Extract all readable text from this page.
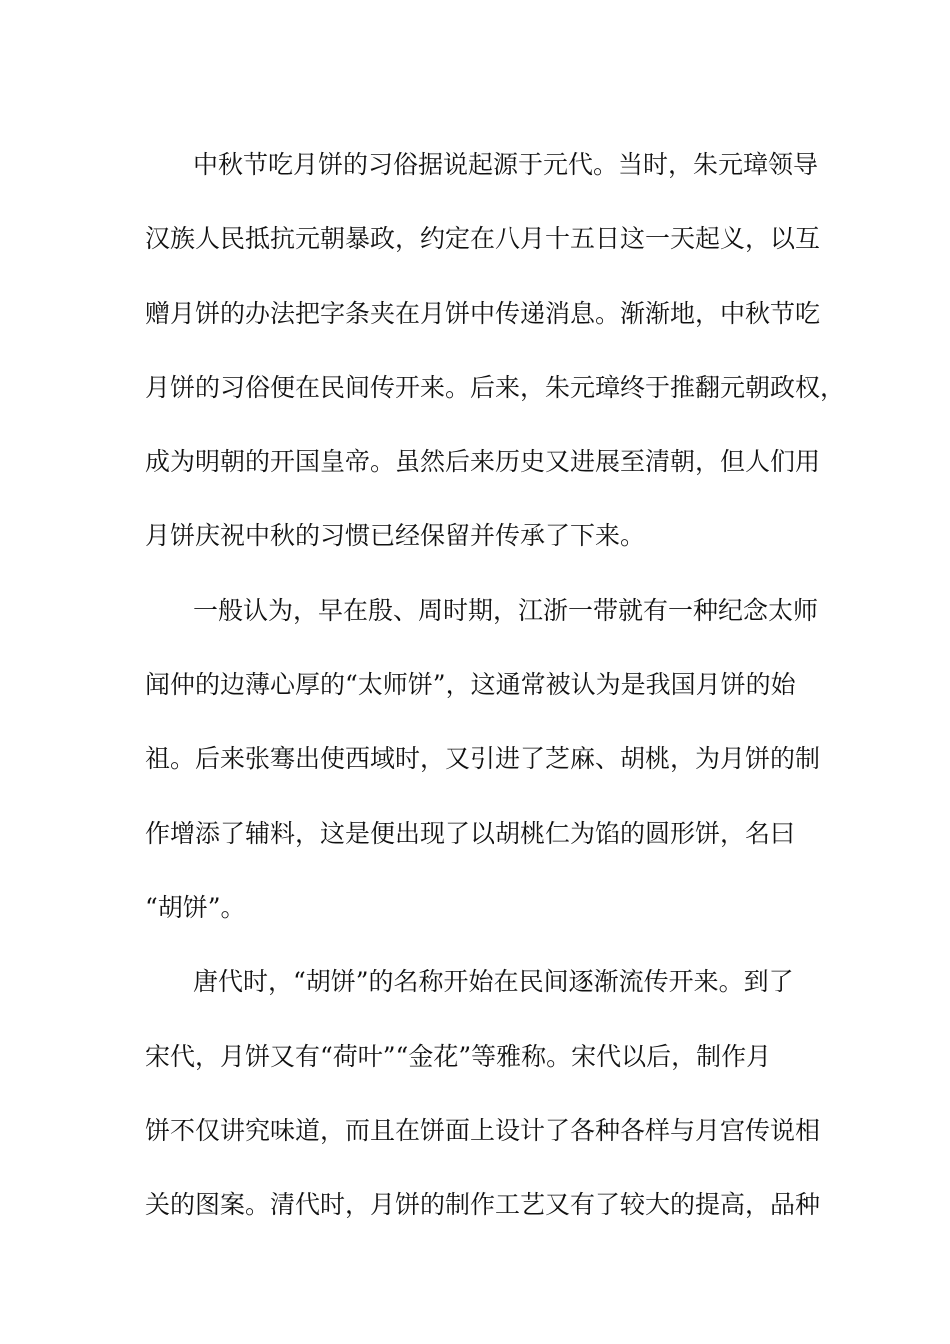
中秋节吃月饼的习俗据说起源于元代。当时，朱元璋领导
汉族人民抵抗元朝暴政，约定在八月十五日这一天起义，以互
赠月饼的办法把字条夹在月饼中传递消息。渐渐地，中秋节吃
月饼的习俗便在民间传开来。后来，朱元璋终于推翻元朝政权，
成为明朝的开国皇帝。虽然后来历史又进展至清朝，但人们用
月饼庆祝中秋的习惯已经保留并传承了下来。
一般认为，早在殷、周时期，江浙一带就有一种纪念太师
闻仲的边薄心厚的“太师饼”，这通常被认为是我国月饼的始
祖。后来张骞出使西域时，又引进了芝麻、胡桃，为月饼的制
作增添了辅料，这是便出现了以胡桃仁为馅的圆形饼，名曰
“胡饼”。
唐代时，“胡饼”的名称开始在民间逐渐流传开来。到了
宋代，月饼又有“荷叶”“金花”等雅称。宋代以后，制作月
饼不仅讲究味道，而且在饼面上设计了各种各样与月宫传说相
关的图案。清代时，月饼的制作工艺又有了较大的提高，品种
